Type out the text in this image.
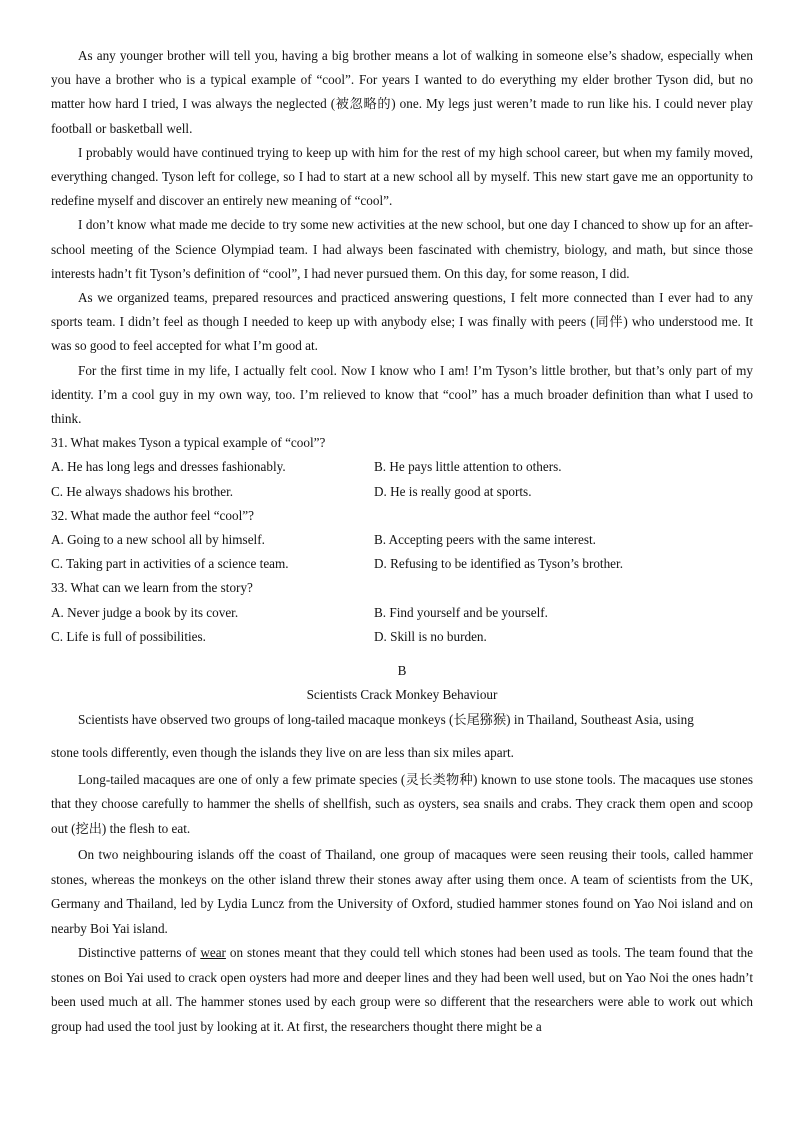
As any younger brother will tell you, having a big brother means a lot of walking in someone else’s shadow, especially when you have a brother who is a typical example of “cool”. For years I wanted to do everything my elder brother Tyson did, but no matter how hard I tried, I was always the neglected (被忽略的) one. My legs just weren’t made to run like his. I could never play football or basketball well.

I probably would have continued trying to keep up with him for the rest of my high school career, but when my family moved, everything changed. Tyson left for college, so I had to start at a new school all by myself. This new start gave me an opportunity to redefine myself and discover an entirely new meaning of “cool”.

I don’t know what made me decide to try some new activities at the new school, but one day I chanced to show up for an after-school meeting of the Science Olympiad team. I had always been fascinated with chemistry, biology, and math, but since those interests hadn’t fit Tyson’s definition of “cool”, I had never pursued them. On this day, for some reason, I did.

As we organized teams, prepared resources and practiced answering questions, I felt more connected than I ever had to any sports team. I didn’t feel as though I needed to keep up with anybody else; I was finally with peers (同伴) who understood me. It was so good to feel accepted for what I’m good at.

For the first time in my life, I actually felt cool. Now I know who I am! I’m Tyson’s little brother, but that’s only part of my identity. I’m a cool guy in my own way, too. I’m relieved to know that “cool” has a much broader definition than what I used to think.

31. What makes Tyson a typical example of “cool”?

A. He has long legs and dresses fashionably.	B. He pays little attention to others.
C. He always shadows his brother.	D. He is really good at sports.

32. What made the author feel “cool”?

A. Going to a new school all by himself.	B. Accepting peers with the same interest.
C. Taking part in activities of a science team.	D. Refusing to be identified as Tyson’s brother.

33. What can we learn from the story?

A. Never judge a book by its cover.	B. Find yourself and be yourself.
C. Life is full of possibilities.	D. Skill is no burden.

B

Scientists Crack Monkey Behaviour

Scientists have observed two groups of long-tailed macaque monkeys (长尾猕猴) in Thailand, Southeast Asia, using

stone tools differently, even though the islands they live on are less than six miles apart.

Long-tailed macaques are one of only a few primate species (灵长类物种) known to use stone tools. The macaques use stones that they choose carefully to hammer the shells of shellfish, such as oysters, sea snails and crabs. They crack them open and scoop out (挖出) the flesh to eat.

On two neighbouring islands off the coast of Thailand, one group of macaques were seen reusing their tools, called hammer stones, whereas the monkeys on the other island threw their stones away after using them once. A team of scientists from the UK, Germany and Thailand, led by Lydia Luncz from the University of Oxford, studied hammer stones found on Yao Noi island and on nearby Boi Yai island.

Distinctive patterns of wear on stones meant that they could tell which stones had been used as tools. The team found that the stones on Boi Yai used to crack open oysters had more and deeper lines and they had been well used, but on Yao Noi the ones hadn’t been used much at all. The hammer stones used by each group were so different that the researchers were able to work out which group had used the tool just by looking at it. At first, the researchers thought there might be a
